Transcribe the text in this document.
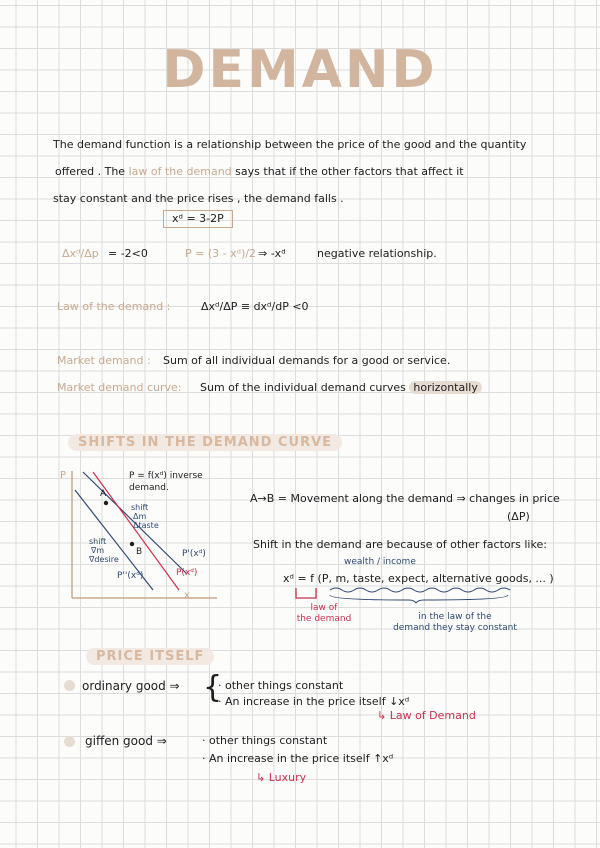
DEMAND
The demand function is a relationship between the price of the good and the quantity
offered . The law of the demand says that if the other factors that affect it
stay constant and the price rises , the demand falls .
xᵈ = 3-2P
Δxᵈ/Δp = -2<0	P = (3 - xᵈ)/2 ⇒ -xᵈ	negative relationship.
Law of the demand :	Δxᵈ/ΔP ≡ dxᵈ/dP <0
Market demand : Sum of all individual demands for a good or service.
Market demand curve: Sum of the individual demand curves horizontally
SHIFTS IN THE DEMAND CURVE
P
x
A
B
shift
Δm
Δtaste
shift
∇m
∇desire
P'(xᵈ)
P(xᵈ)
P''(xᵈ)
P = f(xᵈ) inverse demand.
A→B = Movement along the demand ⇒ changes in price
(ΔP)
Shift in the demand are because of other factors like:
wealth / income
xᵈ = f (P, m, taste, expect, alternative goods, ... )
law of
the demand	in the law of the
demand they stay constant
PRICE ITSELF
ordinary good ⇒ {
· other things constant
· An increase in the price itself ↓xᵈ
↳ Law of Demand
giffen good ⇒	· other things constant
· An increase in the price itself ↑xᵈ
↳ Luxury
